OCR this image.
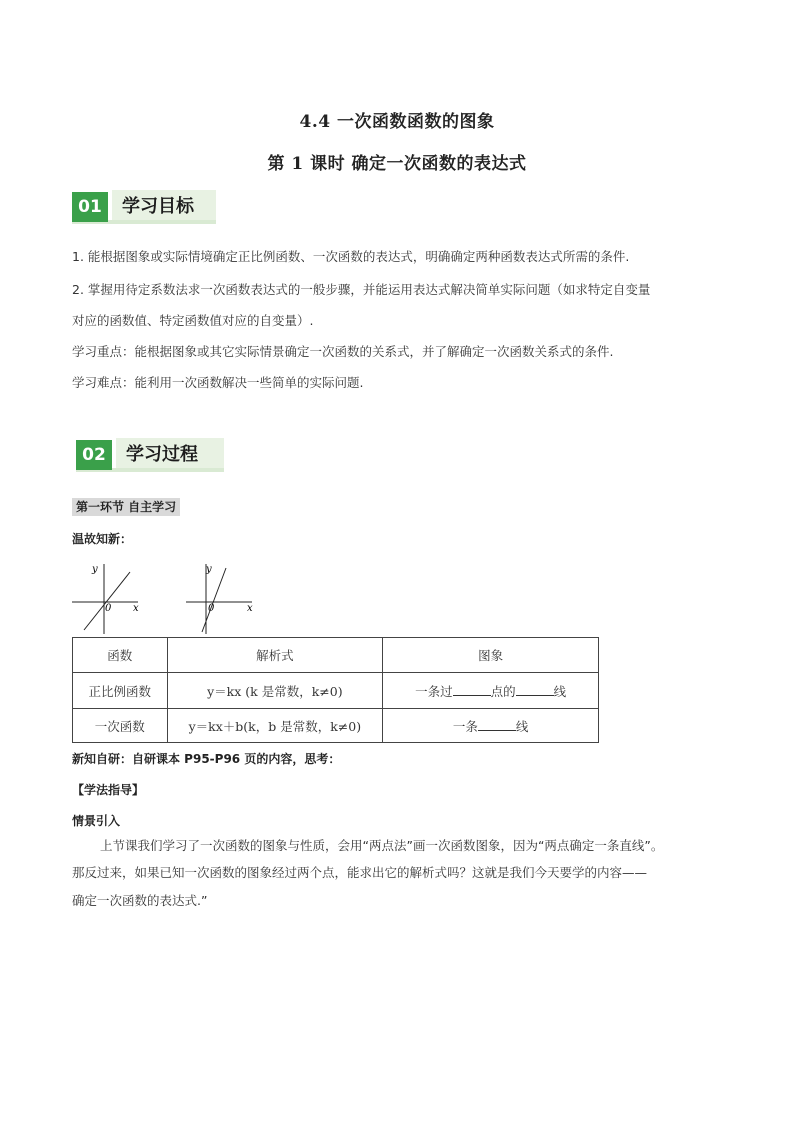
4.4 一次函数函数的图象
第 1 课时 确定一次函数的表达式
01	学习目标
1. 能根据图象或实际情境确定正比例函数、一次函数的表达式，明确确定两种函数表达式所需的条件.
2. 掌握用待定系数法求一次函数表达式的一般步骤，并能运用表达式解决简单实际问题（如求特定自变量
对应的函数值、特定函数值对应的自变量）.
学习重点：能根据图象或其它实际情景确定一次函数的关系式，并了解确定一次函数关系式的条件.
学习难点：能利用一次函数解决一些简单的实际问题.
02	学习过程
第一环节 自主学习
温故知新：
y
x
0
y
x
0
函数	解析式	图象
正比例函数	y＝kx (k 是常数，k≠0)	一条过 点的 线
一次函数	y＝kx＋b(k，b 是常数，k≠0)	一条 线
新知自研：自研课本 P95-P96 页的内容，思考：
【学法指导】
情景引入
上节课我们学习了一次函数的图象与性质，会用“两点法”画一次函数图象，因为“两点确定一条直线”。
那反过来，如果已知一次函数的图象经过两个点，能求出它的解析式吗？这就是我们今天要学的内容——
确定一次函数的表达式.”
